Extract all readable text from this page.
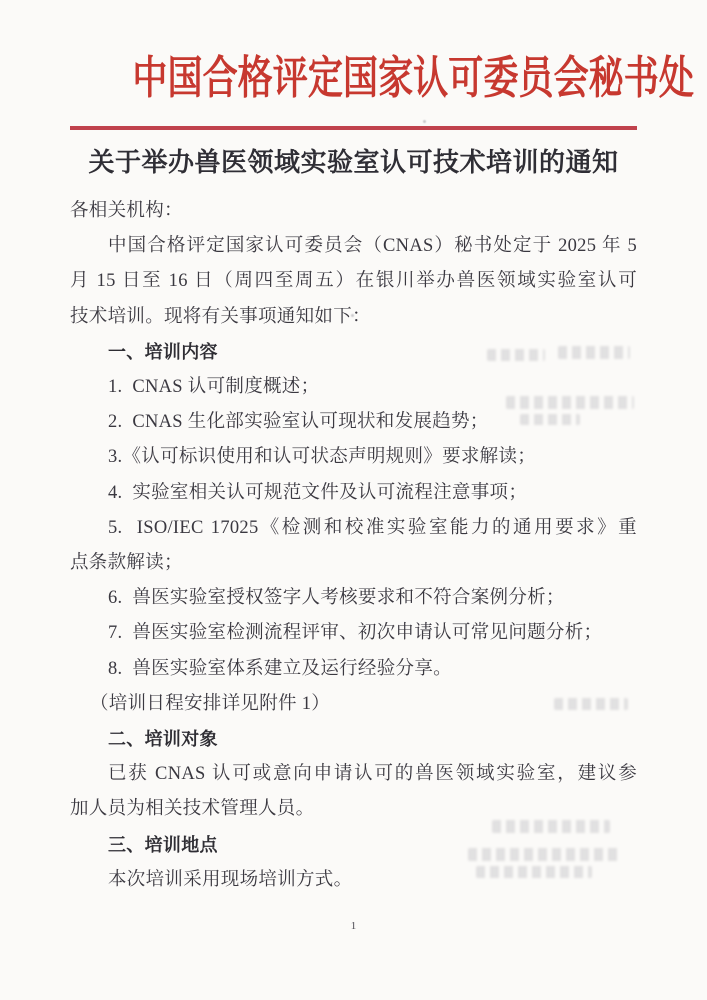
中国合格评定国家认可委员会秘书处
关于举办兽医领域实验室认可技术培训的通知
各相关机构：
中国合格评定国家认可委员会（CNAS）秘书处定于 2025 年 5
月 15 日至 16 日（周四至周五）在银川举办兽医领域实验室认可
技术培训。现将有关事项通知如下：
一、培训内容
1.  CNAS 认可制度概述；
2.  CNAS 生化部实验室认可现状和发展趋势；
3.《认可标识使用和认可状态声明规则》要求解读；
4.  实验室相关认可规范文件及认可流程注意事项；
5.  ISO/IEC 17025《检测和校准实验室能力的通用要求》重
点条款解读；
6.  兽医实验室授权签字人考核要求和不符合案例分析；
7.  兽医实验室检测流程评审、初次申请认可常见问题分析；
8.  兽医实验室体系建立及运行经验分享。
（培训日程安排详见附件 1）
二、培训对象
已获 CNAS 认可或意向申请认可的兽医领域实验室，建议参
加人员为相关技术管理人员。
三、培训地点
本次培训采用现场培训方式。
1
